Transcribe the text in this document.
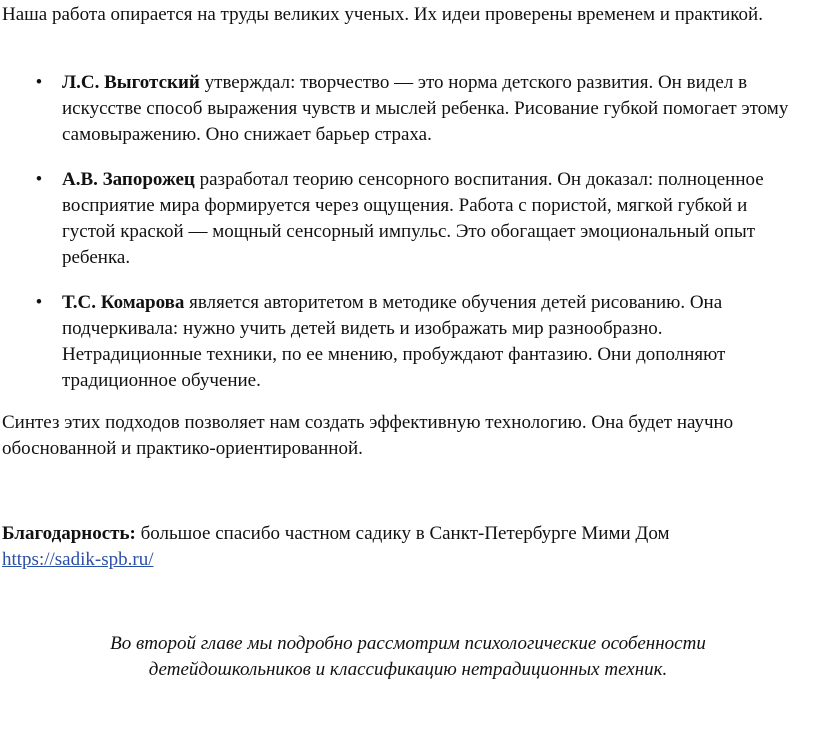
Наша работа опирается на труды великих ученых. Их идеи проверены временем и практикой.

• Л.С. Выготский утверждал: творчество — это норма детского развития. Он видел в искусстве способ выражения чувств и мыслей ребенка. Рисование губкой помогает этому самовыражению. Оно снижает барьер страха.
• А.В. Запорожец разработал теорию сенсорного воспитания. Он доказал: полноценное восприятие мира формируется через ощущения. Работа с пористой, мягкой губкой и густой краской — мощный сенсорный импульс. Это обогащает эмоциональный опыт ребенка.
• Т.С. Комарова является авторитетом в методике обучения детей рисованию. Она подчеркивала: нужно учить детей видеть и изображать мир разнообразно. Нетрадиционные техники, по ее мнению, пробуждают фантазию. Они дополняют традиционное обучение.

Синтез этих подходов позволяет нам создать эффективную технологию. Она будет научно обоснованной и практико-ориентированной.

Благодарность: большое спасибо частном садику в Санкт-Петербурге Мими Дом
https://sadik-spb.ru/

Во второй главе мы подробно рассмотрим психологические особенности
детейдошкольников и классификацию нетрадиционных техник.
